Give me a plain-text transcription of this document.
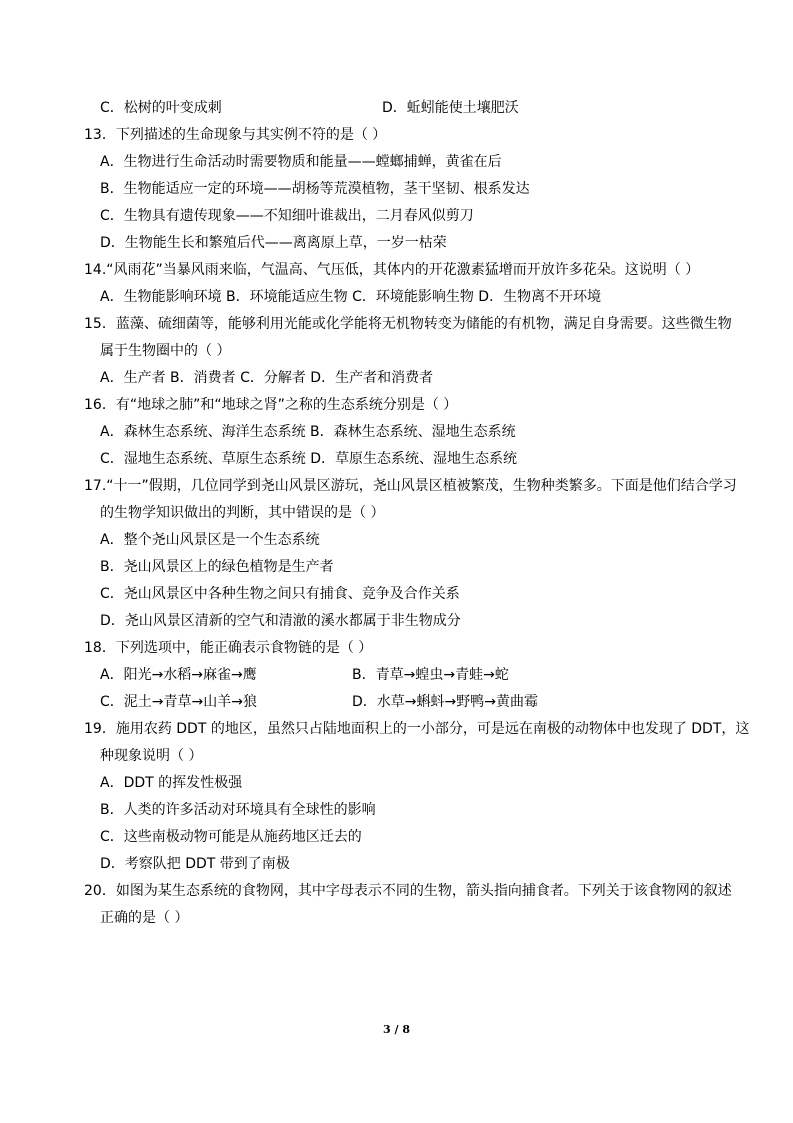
C．松树的叶变成刺	D．蚯蚓能使土壤肥沃
13．下列描述的生命现象与其实例不符的是（ ）
A．生物进行生命活动时需要物质和能量——螳螂捕蝉，黄雀在后
B．生物能适应一定的环境——胡杨等荒漠植物，茎干坚韧、根系发达
C．生物具有遗传现象——不知细叶谁裁出，二月春风似剪刀
D．生物能生长和繁殖后代——离离原上草，一岁一枯荣
14.“风雨花”当暴风雨来临，气温高、气压低，其体内的开花激素猛增而开放许多花朵。这说明（ ）
A．生物能影响环境 B．环境能适应生物 C．环境能影响生物 D．生物离不开环境
15．蓝藻、硫细菌等，能够利用光能或化学能将无机物转变为储能的有机物，满足自身需要。这些微生物
属于生物圈中的（ ）
A．生产者 B．消费者 C．分解者 D．生产者和消费者
16．有“地球之肺”和“地球之肾”之称的生态系统分别是（ ）
A．森林生态系统、海洋生态系统 B．森林生态系统、湿地生态系统
C．湿地生态系统、草原生态系统 D．草原生态系统、湿地生态系统
17.“十一”假期，几位同学到尧山风景区游玩，尧山风景区植被繁茂，生物种类繁多。下面是他们结合学习
的生物学知识做出的判断，其中错误的是（ ）
A．整个尧山风景区是一个生态系统
B．尧山风景区上的绿色植物是生产者
C．尧山风景区中各种生物之间只有捕食、竞争及合作关系
D．尧山风景区清新的空气和清澈的溪水都属于非生物成分
18．下列选项中，能正确表示食物链的是（ ）
A．阳光→水稻→麻雀→鹰	B．青草→蝗虫→青蛙→蛇
C．泥土→青草→山羊→狼	D．水草→蝌蚪→野鸭→黄曲霉
19．施用农药 DDT 的地区，虽然只占陆地面积上的一小部分，可是远在南极的动物体中也发现了 DDT，这
种现象说明（ ）
A．DDT 的挥发性极强
B．人类的许多活动对环境具有全球性的影响
C．这些南极动物可能是从施药地区迁去的
D．考察队把 DDT 带到了南极
20．如图为某生态系统的食物网，其中字母表示不同的生物，箭头指向捕食者。下列关于该食物网的叙述
正确的是（ ）
3 / 8
